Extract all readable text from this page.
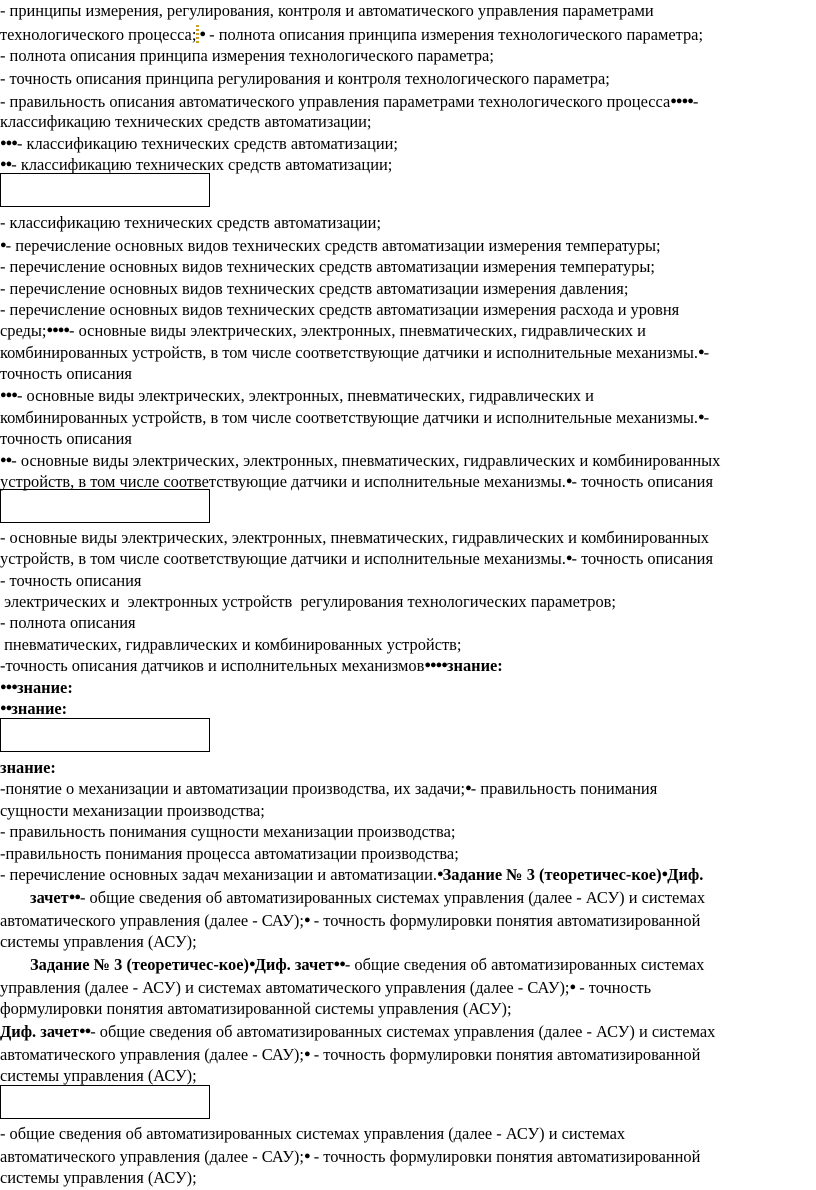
- принципы измерения, регулирования, контроля и автоматического управления параметрами
технологического процесса; ● - полнота описания принципа измерения технологического параметра;
- полнота описания принципа измерения технологического параметра;
- точность описания принципа регулирования и контроля технологического параметра;
- правильность описания автоматического управления параметрами технологического процесса●●●●-
классификацию технических средств автоматизации;
●●●- классификацию технических средств автоматизации;
●●- классификацию технических средств автоматизации;
- классификацию технических средств автоматизации;
●- перечисление основных видов технических средств автоматизации измерения температуры;
- перечисление основных видов технических средств автоматизации измерения температуры;
- перечисление основных видов технических средств автоматизации измерения давления;
- перечисление основных видов технических средств автоматизации измерения расхода и уровня
среды;●●●●- основные виды электрических, электронных, пневматических, гидравлических и
комбинированных устройств, в том числе соответствующие датчики и исполнительные механизмы.●-
точность описания
●●●- основные виды электрических, электронных, пневматических, гидравлических и
комбинированных устройств, в том числе соответствующие датчики и исполнительные механизмы.●-
точность описания
●●- основные виды электрических, электронных, пневматических, гидравлических и комбинированных
устройств, в том числе соответствующие датчики и исполнительные механизмы.●- точность описания
- основные виды электрических, электронных, пневматических, гидравлических и комбинированных
устройств, в том числе соответствующие датчики и исполнительные механизмы.●- точность описания
- точность описания
электрических и  электронных устройств  регулирования технологических параметров;
- полнота описания
пневматических, гидравлических и комбинированных устройств;
-точность описания датчиков и исполнительных механизмов●●●●знание:
●●●знание:
●●знание:
знание:
-понятие о механизации и автоматизации производства, их задачи;●- правильность понимания
сущности механизации производства;
- правильность понимания сущности механизации производства;
-правильность понимания процесса автоматизации производства;
- перечисление основных задач механизации и автоматизации.●Задание № 3 (теоретичес-кое)●Диф.
зачет●●- общие сведения об автоматизированных системах управления (далее - АСУ) и системах
автоматического управления (далее - САУ);● - точность формулировки понятия автоматизированной
системы управления (АСУ);
Задание № 3 (теоретичес-кое)●Диф. зачет●●- общие сведения об автоматизированных системах
управления (далее - АСУ) и системах автоматического управления (далее - САУ);● - точность
формулировки понятия автоматизированной системы управления (АСУ);
Диф. зачет●●- общие сведения об автоматизированных системах управления (далее - АСУ) и системах
автоматического управления (далее - САУ);● - точность формулировки понятия автоматизированной
системы управления (АСУ);
- общие сведения об автоматизированных системах управления (далее - АСУ) и системах
автоматического управления (далее - САУ);● - точность формулировки понятия автоматизированной
системы управления (АСУ);
